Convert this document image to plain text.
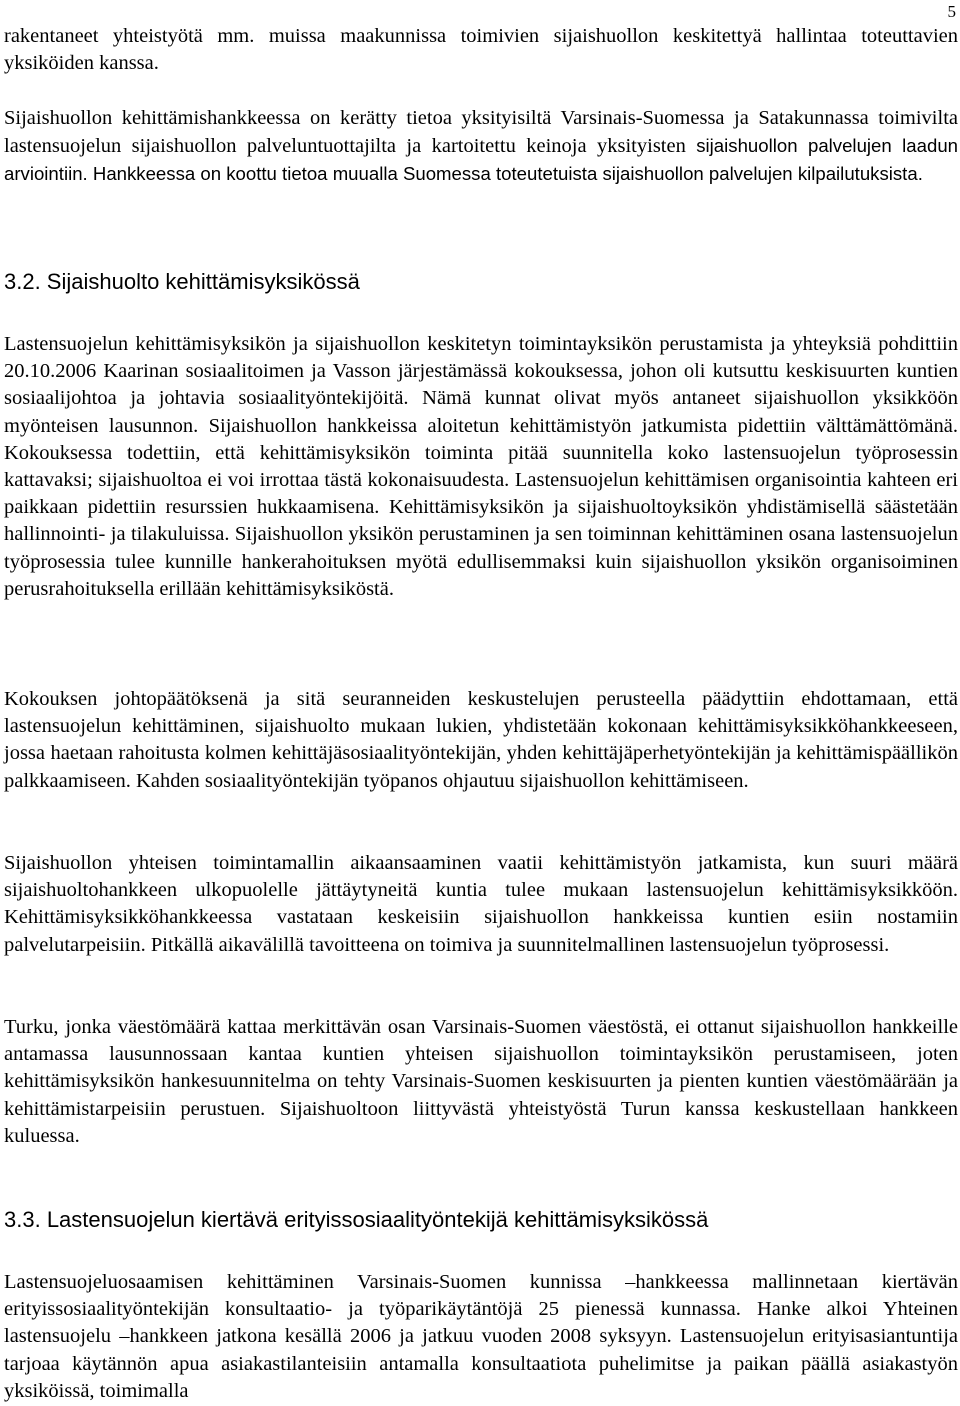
5

rakentaneet yhteistyötä mm. muissa maakunnissa toimivien sijaishuollon keskitettyä hallintaa toteuttavien yksiköiden kanssa.

Sijaishuollon kehittämishankkeessa on kerätty tietoa yksityisiltä Varsinais-Suomessa ja Satakunnassa toimivilta lastensuojelun sijaishuollon palveluntuottajilta ja kartoitettu keinoja yksityisten sijaishuollon palvelujen laadun arviointiin. Hankkeessa on koottu tietoa muualla Suomessa toteutetuista sijaishuollon palvelujen kilpailutuksista.

3.2. Sijaishuolto kehittämisyksikössä

Lastensuojelun kehittämisyksikön ja sijaishuollon keskitetyn toimintayksikön perustamista ja yhteyksiä pohdittiin 20.10.2006 Kaarinan sosiaalitoimen ja Vasson järjestämässä kokouksessa, johon oli kutsuttu keskisuurten kuntien sosiaalijohtoa ja johtavia sosiaalityöntekijöitä. Nämä kunnat olivat myös antaneet sijaishuollon yksikköön myönteisen lausunnon. Sijaishuollon hankkeissa aloitetun kehittämistyön jatkumista pidettiin välttämättömänä. Kokouksessa todettiin, että kehittämisyksikön toiminta pitää suunnitella koko lastensuojelun työprosessin kattavaksi; sijaishuoltoa ei voi irrottaa tästä kokonaisuudesta. Lastensuojelun kehittämisen organisointia kahteen eri paikkaan pidettiin resurssien hukkaamisena. Kehittämisyksikön ja sijaishuoltoyksikön yhdistämisellä säästetään hallinnointi- ja tilakuluissa. Sijaishuollon yksikön perustaminen ja sen toiminnan kehittäminen osana lastensuojelun työprosessia tulee kunnille hankerahoituksen myötä edullisemmaksi kuin sijaishuollon yksikön organisoiminen perusrahoituksella erillään kehittämisyksiköstä.

Kokouksen johtopäätöksenä ja sitä seuranneiden keskustelujen perusteella päädyttiin ehdottamaan, että lastensuojelun kehittäminen, sijaishuolto mukaan lukien, yhdistetään kokonaan kehittämisyksikköhankkeeseen, jossa haetaan rahoitusta kolmen kehittäjäsosiaalityöntekijän, yhden kehittäjäperhetyöntekijän ja kehittämispäällikön palkkaamiseen. Kahden sosiaalityöntekijän työpanos ohjautuu sijaishuollon kehittämiseen.

Sijaishuollon yhteisen toimintamallin aikaansaaminen vaatii kehittämistyön jatkamista, kun suuri määrä sijaishuoltohankkeen ulkopuolelle jättäytyneitä kuntia tulee mukaan lastensuojelun kehittämisyksikköön. Kehittämisyksikköhankkeessa vastataan keskeisiin sijaishuollon hankkeissa kuntien esiin nostamiin palvelutarpeisiin. Pitkällä aikavälillä tavoitteena on toimiva ja suunnitelmallinen lastensuojelun työprosessi.

Turku, jonka väestömäärä kattaa merkittävän osan Varsinais-Suomen väestöstä, ei ottanut sijaishuollon hankkeille antamassa lausunnossaan kantaa kuntien yhteisen sijaishuollon toimintayksikön perustamiseen, joten kehittämisyksikön hankesuunnitelma on tehty Varsinais-Suomen keskisuurten ja pienten kuntien väestömäärään ja kehittämistarpeisiin perustuen. Sijaishuoltoon liittyvästä yhteistyöstä Turun kanssa keskustellaan hankkeen kuluessa.

3.3. Lastensuojelun kiertävä erityissosiaalityöntekijä kehittämisyksikössä

Lastensuojeluosaamisen kehittäminen Varsinais-Suomen kunnissa –hankkeessa mallinnetaan kiertävän erityissosiaalityöntekijän konsultaatio- ja työparikäytäntöjä 25 pienessä kunnassa. Hanke alkoi Yhteinen lastensuojelu –hankkeen jatkona kesällä 2006 ja jatkuu vuoden 2008 syksyyn. Lastensuojelun erityisasiantuntija tarjoaa käytännön apua asiakastilanteisiin antamalla konsultaatiota puhelimitse ja paikan päällä asiakastyön yksiköissä, toimimalla
